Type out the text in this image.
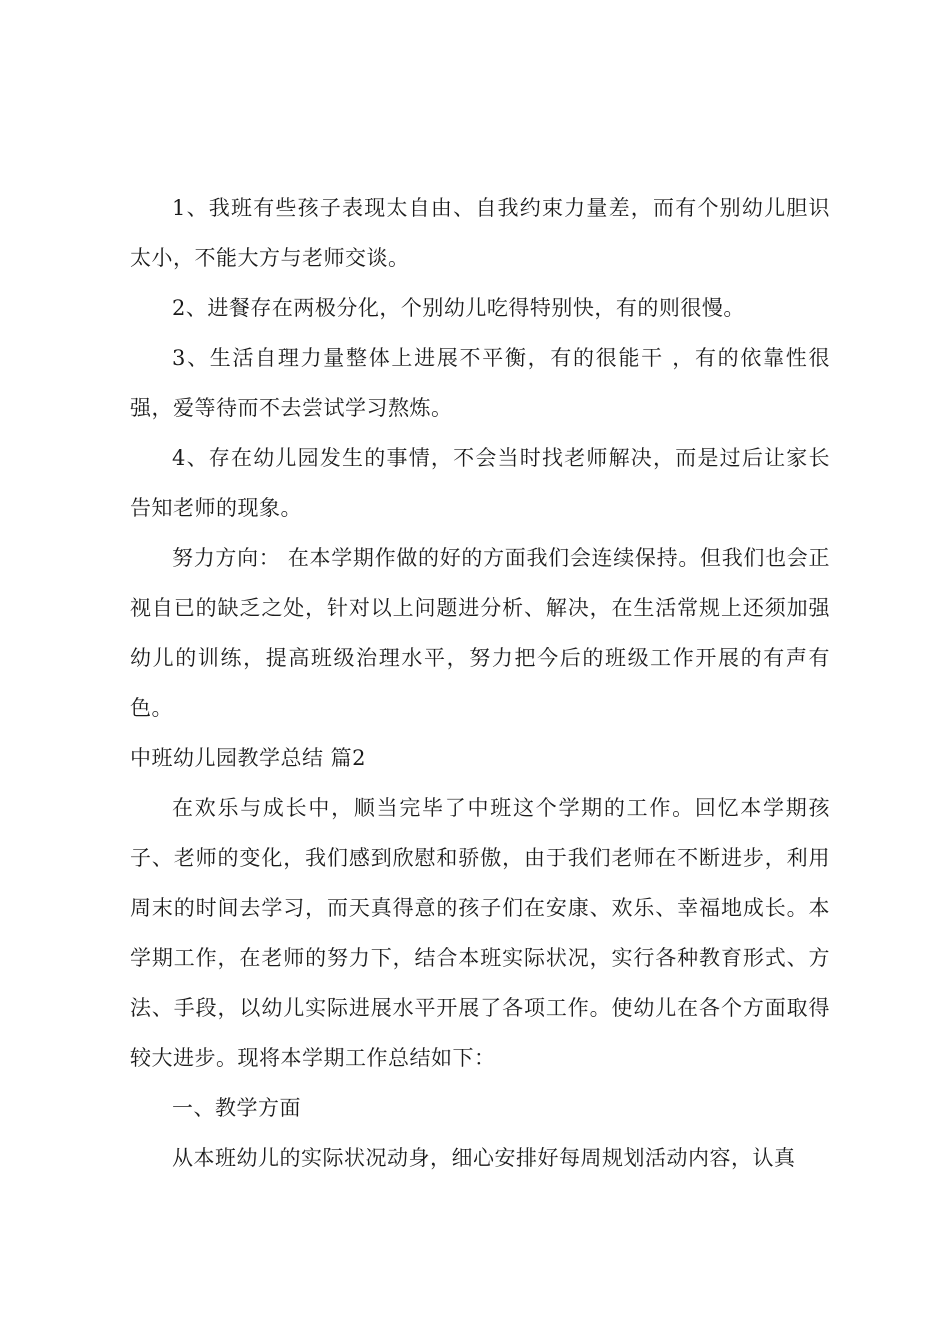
1、我班有些孩子表现太自由、自我约束力量差，而有个别幼儿胆识太小，不能大方与老师交谈。

2、进餐存在两极分化，个别幼儿吃得特别快，有的则很慢。

3、生活自理力量整体上进展不平衡，有的很能干 ，有的依靠性很强，爱等待而不去尝试学习熬炼。

4、存在幼儿园发生的事情，不会当时找老师解决，而是过后让家长告知老师的现象。

努力方向： 在本学期作做的好的方面我们会连续保持。但我们也会正视自已的缺乏之处，针对以上问题进分析、解决，在生活常规上还须加强幼儿的训练，提高班级治理水平，努力把今后的班级工作开展的有声有色。

中班幼儿园教学总结 篇2

在欢乐与成长中，顺当完毕了中班这个学期的工作。回忆本学期孩子、老师的变化，我们感到欣慰和骄傲，由于我们老师在不断进步，利用周末的时间去学习，而天真得意的孩子们在安康、欢乐、幸福地成长。本学期工作，在老师的努力下，结合本班实际状况，实行各种教育形式、方法、手段，以幼儿实际进展水平开展了各项工作。使幼儿在各个方面取得较大进步。现将本学期工作总结如下：

一、教学方面

从本班幼儿的实际状况动身，细心安排好每周规划活动内容，认真
